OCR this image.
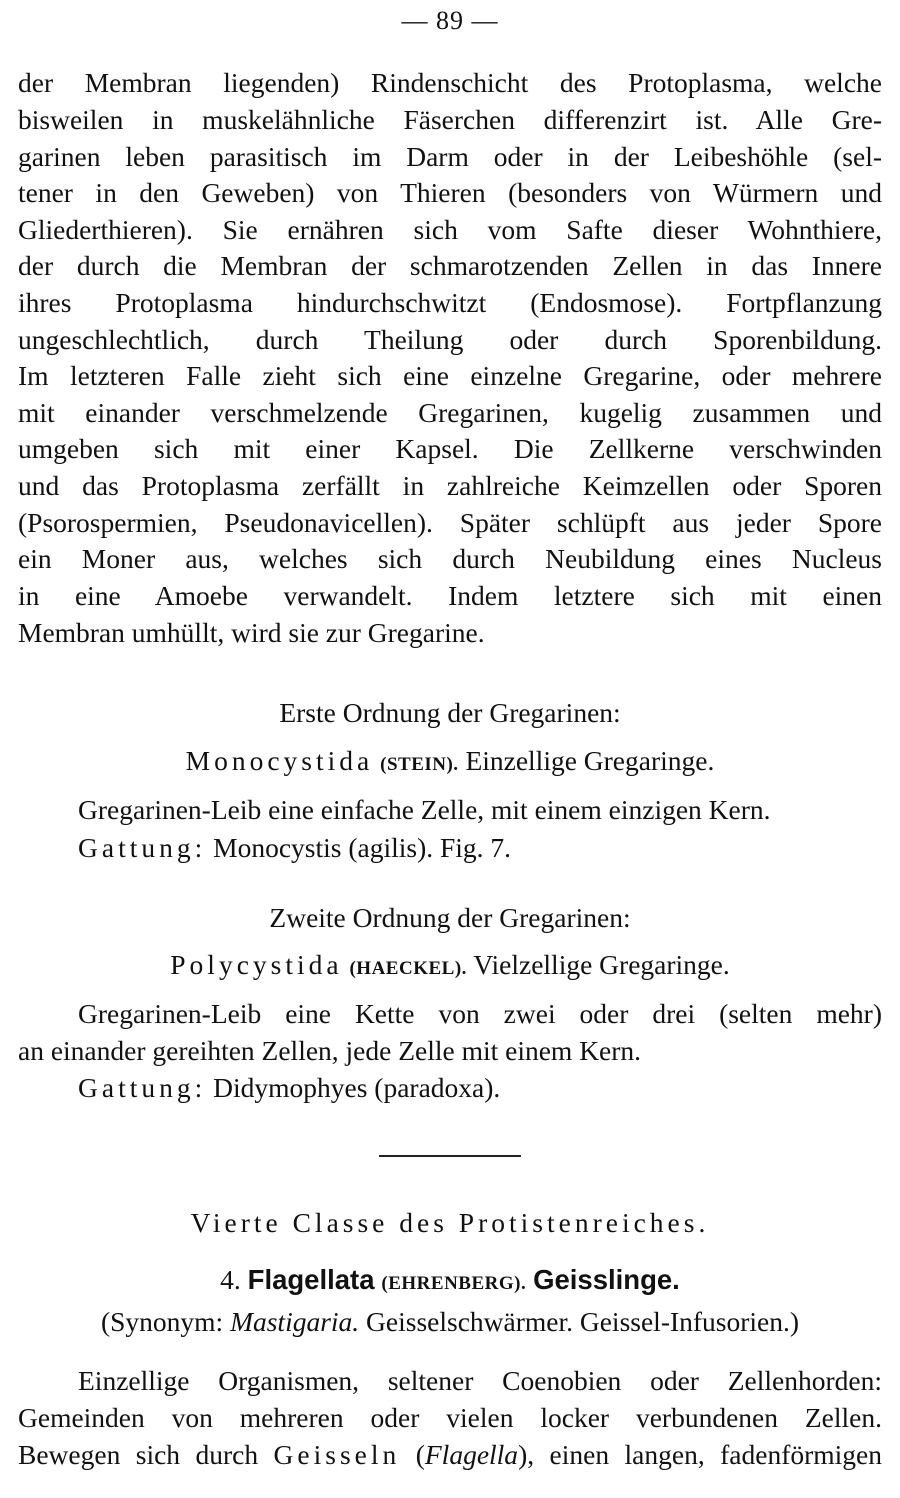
— 89 —
der Membran liegenden) Rindenschicht des Protoplasma, welche
bisweilen in muskelähnliche Fäserchen differenzirt ist. Alle Gre-
garinen leben parasitisch im Darm oder in der Leibeshöhle (sel-
tener in den Geweben) von Thieren (besonders von Würmern und
Gliederthieren). Sie ernähren sich vom Safte dieser Wohnthiere,
der durch die Membran der schmarotzenden Zellen in das Innere
ihres Protoplasma hindurchschwitzt (Endosmose). Fortpflanzung
ungeschlechtlich, durch Theilung oder durch Sporenbildung.
Im letzteren Falle zieht sich eine einzelne Gregarine, oder mehrere
mit einander verschmelzende Gregarinen, kugelig zusammen und
umgeben sich mit einer Kapsel. Die Zellkerne verschwinden
und das Protoplasma zerfällt in zahlreiche Keimzellen oder Sporen
(Psorospermien, Pseudonavicellen). Später schlüpft aus jeder Spore
ein Moner aus, welches sich durch Neubildung eines Nucleus
in eine Amoebe verwandelt. Indem letztere sich mit einen
Membran umhüllt, wird sie zur Gregarine.
Erste Ordnung der Gregarinen:
Monocystida (STEIN). Einzellige Gregaringe.
Gregarinen-Leib eine einfache Zelle, mit einem einzigen Kern.
Gattung: Monocystis (agilis). Fig. 7.
Zweite Ordnung der Gregarinen:
Polycystida (HAECKEL). Vielzellige Gregaringe.
Gregarinen-Leib eine Kette von zwei oder drei (selten mehr)
an einander gereihten Zellen, jede Zelle mit einem Kern.
Gattung: Didymophyes (paradoxa).
Vierte Classe des Protistenreiches.
4. Flagellata (EHRENBERG). Geisslinge.
(Synonym: Mastigaria. Geisselschwärmer. Geissel-Infusorien.)
Einzellige Organismen, seltener Coenobien oder Zellenhorden:
Gemeinden von mehreren oder vielen locker verbundenen Zellen.
Bewegen sich durch Geisseln (Flagella), einen langen, fadenförmigen
